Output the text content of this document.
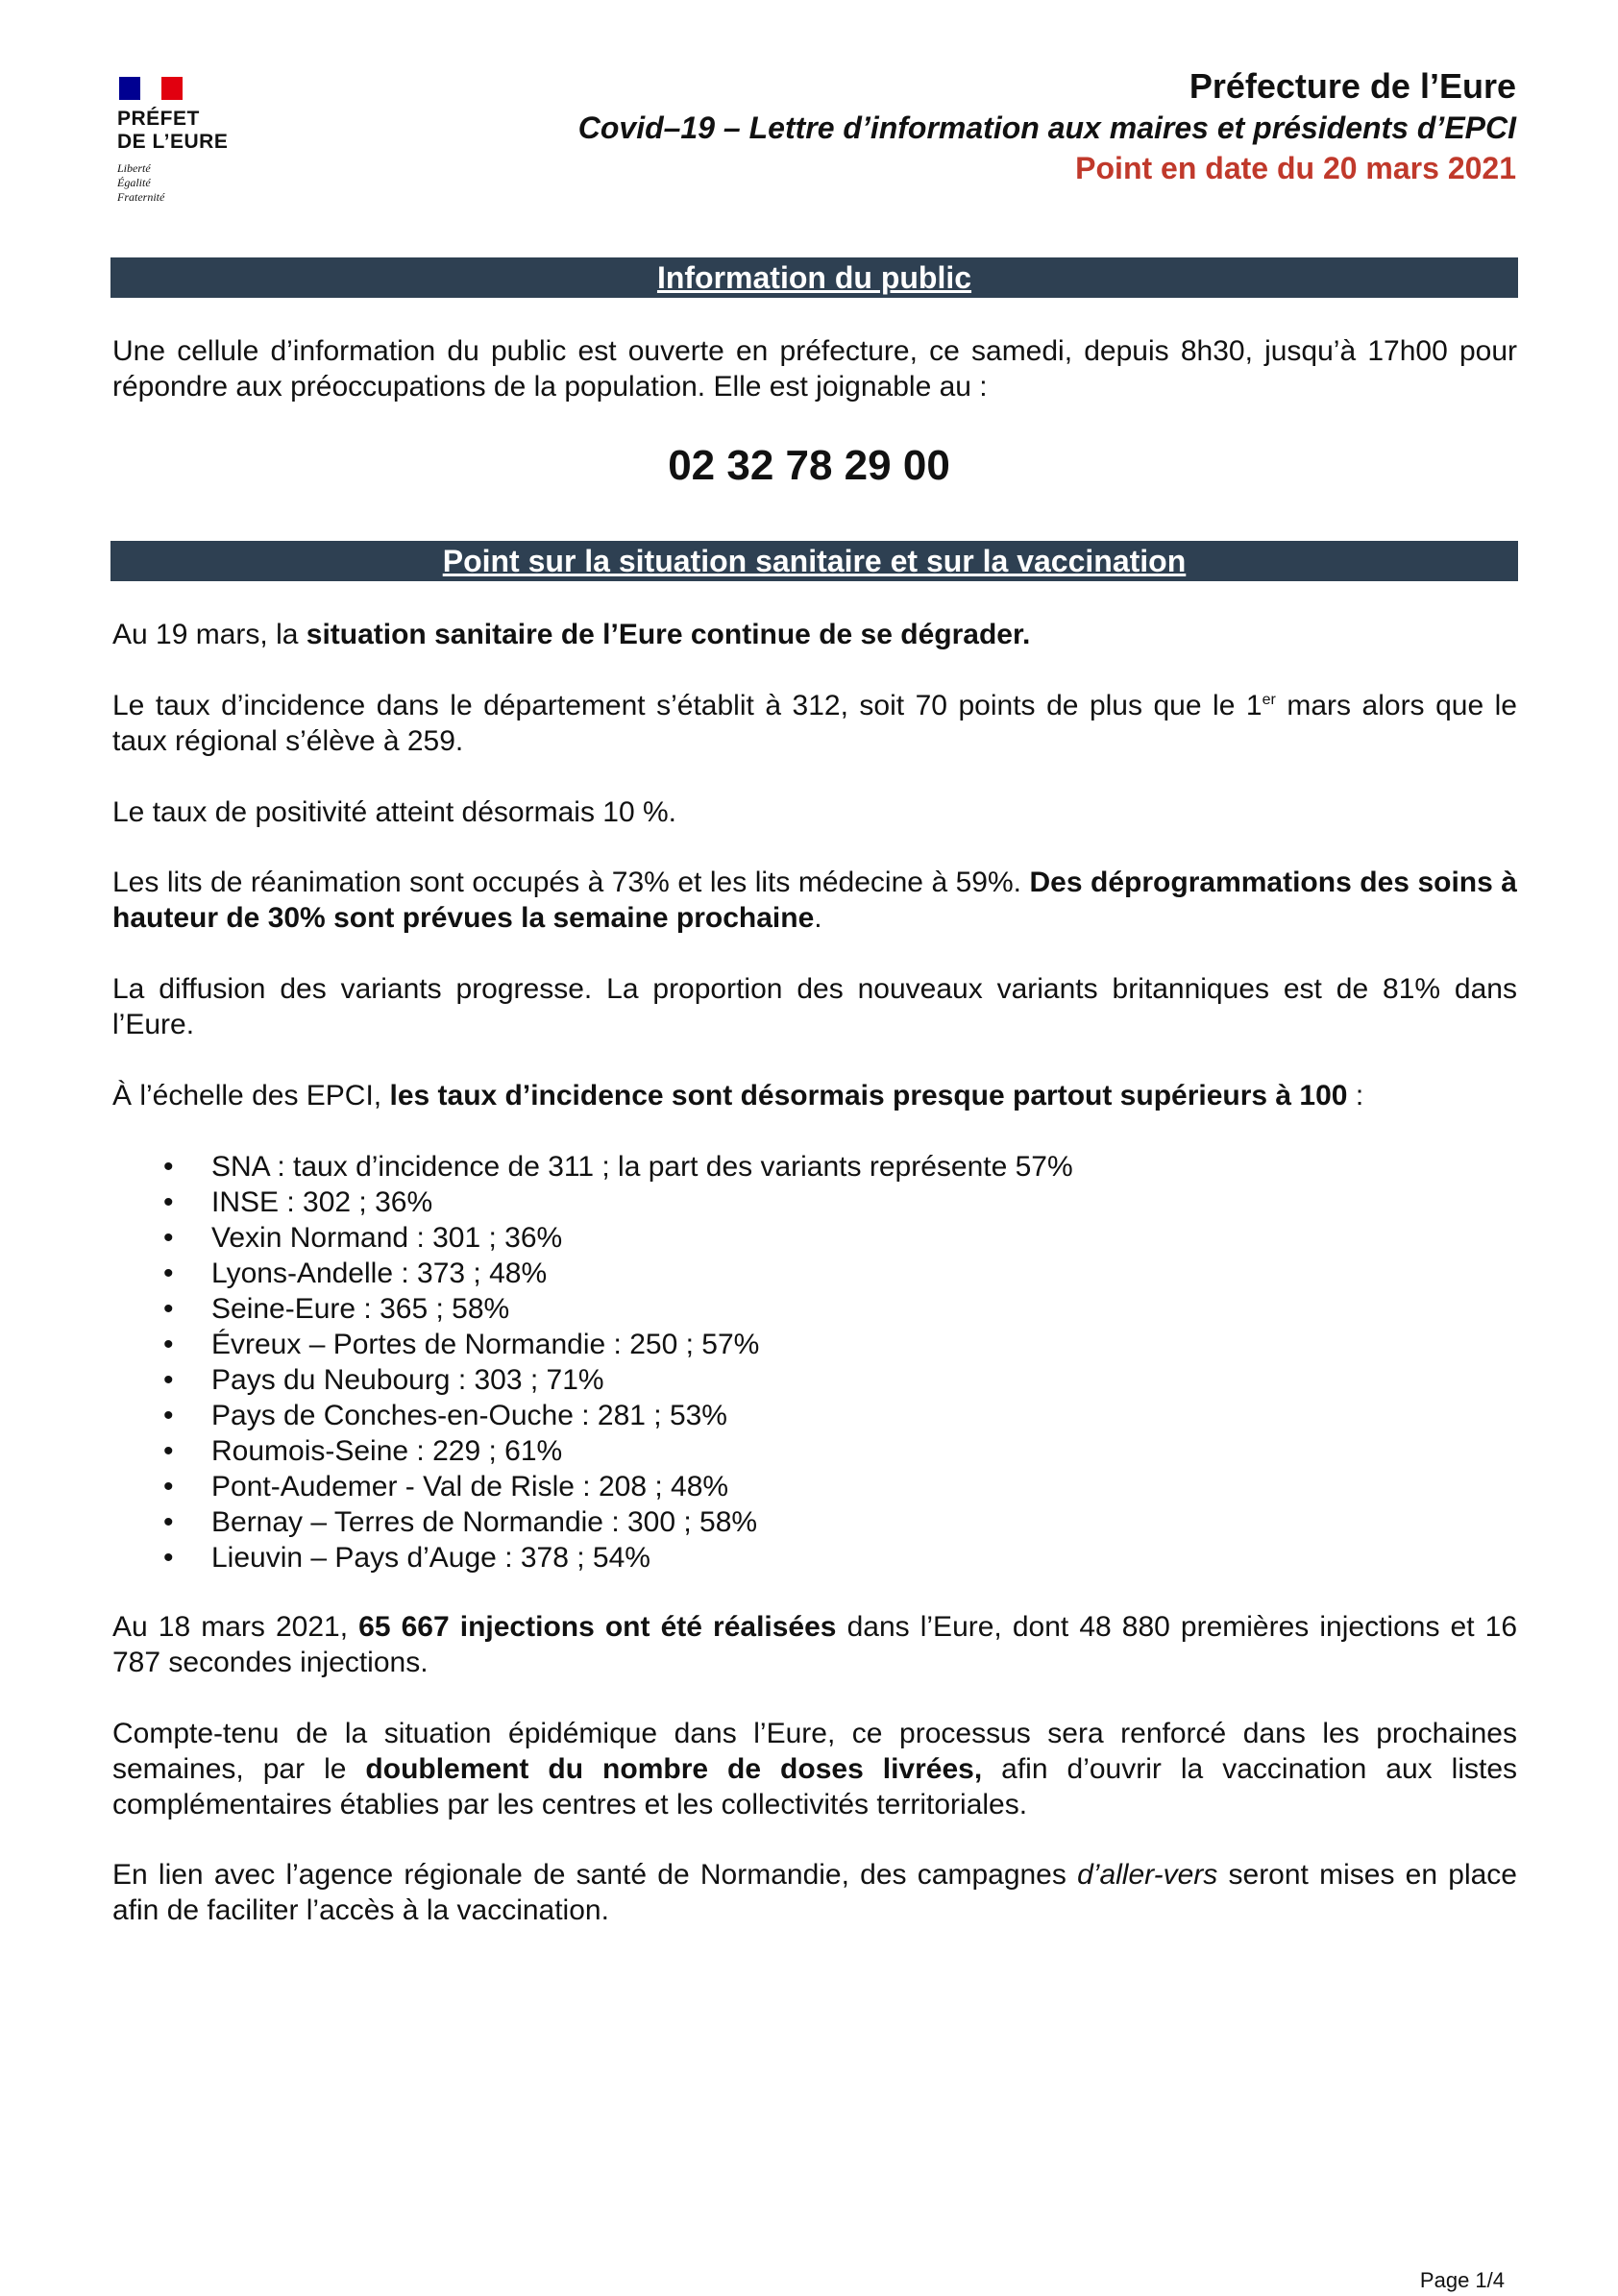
PRÉFET
DE L’EURE
Liberté
Égalité
Fraternité
Préfecture de l’Eure
Covid–19 – Lettre d’information aux maires et présidents d’EPCI
Point en date du 20 mars 2021
Information du public
Une cellule d’information du public est ouverte en préfecture, ce samedi, depuis 8h30, jusqu’à 17h00 pour répondre aux préoccupations de la population. Elle est joignable au :
02 32 78 29 00
Point sur la situation sanitaire et sur la vaccination
Au 19 mars, la situation sanitaire de l’Eure continue de se dégrader.
Le taux d’incidence dans le département s’établit à 312, soit 70 points de plus que le 1er mars alors que le taux régional s’élève à 259.
Le taux de positivité atteint désormais 10 %.
Les lits de réanimation sont occupés à 73% et les lits médecine à 59%. Des déprogrammations des soins à hauteur de 30% sont prévues la semaine prochaine.
La diffusion des variants progresse. La proportion des nouveaux variants britanniques est de 81% dans l’Eure.
À l’échelle des EPCI, les taux d’incidence sont désormais presque partout supérieurs à 100 :
• SNA : taux d’incidence de 311 ; la part des variants représente 57%
• INSE : 302 ; 36%
• Vexin Normand : 301 ; 36%
• Lyons-Andelle : 373 ; 48%
• Seine-Eure : 365 ; 58%
• Évreux – Portes de Normandie : 250 ; 57%
• Pays du Neubourg : 303 ; 71%
• Pays de Conches-en-Ouche : 281 ; 53%
• Roumois-Seine : 229 ; 61%
• Pont-Audemer - Val de Risle : 208 ; 48%
• Bernay – Terres de Normandie : 300 ; 58%
• Lieuvin – Pays d’Auge : 378 ; 54%
Au 18 mars 2021, 65 667 injections ont été réalisées dans l’Eure, dont 48 880 premières injections et 16 787 secondes injections.
Compte-tenu de la situation épidémique dans l’Eure, ce processus sera renforcé dans les prochaines semaines, par le doublement du nombre de doses livrées, afin d’ouvrir la vaccination aux listes complémentaires établies par les centres et les collectivités territoriales.
En lien avec l’agence régionale de santé de Normandie, des campagnes d’aller-vers seront mises en place afin de faciliter l’accès à la vaccination.
Page 1/4
